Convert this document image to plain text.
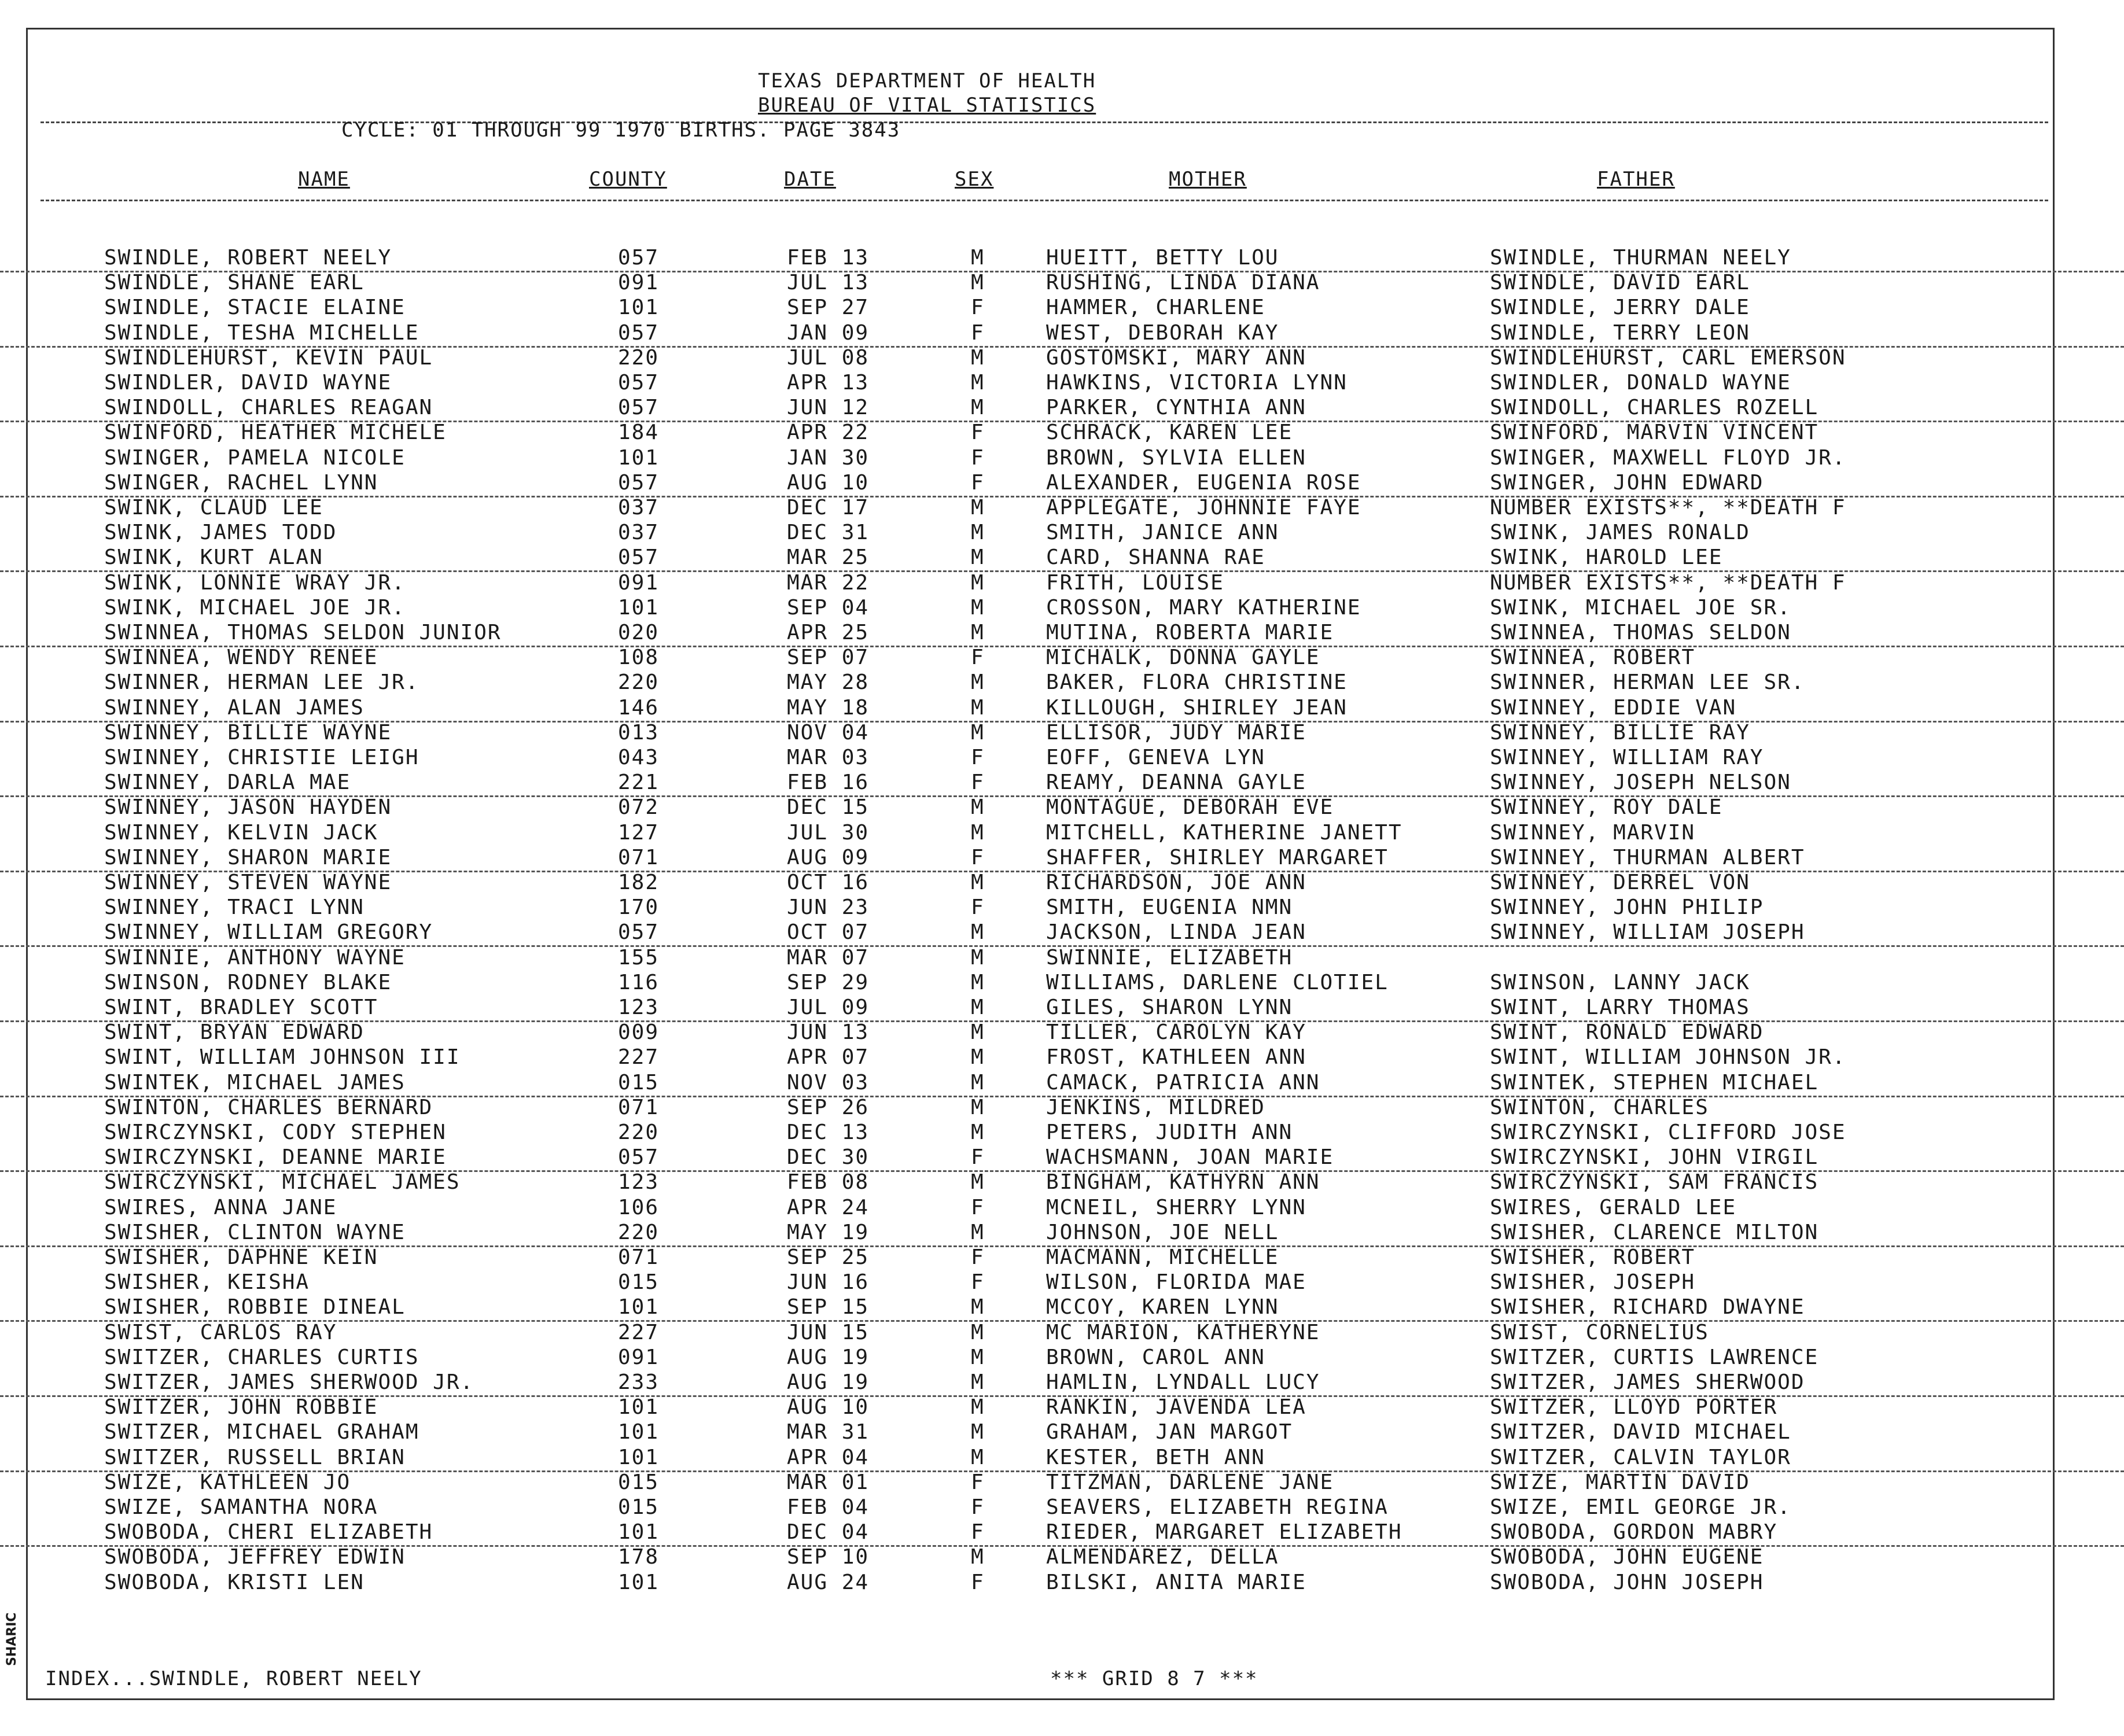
TEXAS DEPARTMENT OF HEALTH
BUREAU OF VITAL STATISTICS
CYCLE: 01 THROUGH 99 1970 BIRTHS. PAGE 3843
NAME	COUNTY	DATE	SEX	MOTHER	FATHER
SWINDLE, ROBERT NEELY	057	FEB 13	M	HUEITT, BETTY LOU	SWINDLE, THURMAN NEELY
SWINDLE, SHANE EARL	091	JUL 13	M	RUSHING, LINDA DIANA	SWINDLE, DAVID EARL
SWINDLE, STACIE ELAINE	101	SEP 27	F	HAMMER, CHARLENE	SWINDLE, JERRY DALE
SWINDLE, TESHA MICHELLE	057	JAN 09	F	WEST, DEBORAH KAY	SWINDLE, TERRY LEON
SWINDLEHURST, KEVIN PAUL	220	JUL 08	M	GOSTOMSKI, MARY ANN	SWINDLEHURST, CARL EMERSON
SWINDLER, DAVID WAYNE	057	APR 13	M	HAWKINS, VICTORIA LYNN	SWINDLER, DONALD WAYNE
SWINDOLL, CHARLES REAGAN	057	JUN 12	M	PARKER, CYNTHIA ANN	SWINDOLL, CHARLES ROZELL
SWINFORD, HEATHER MICHELE	184	APR 22	F	SCHRACK, KAREN LEE	SWINFORD, MARVIN VINCENT
SWINGER, PAMELA NICOLE	101	JAN 30	F	BROWN, SYLVIA ELLEN	SWINGER, MAXWELL FLOYD JR.
SWINGER, RACHEL LYNN	057	AUG 10	F	ALEXANDER, EUGENIA ROSE	SWINGER, JOHN EDWARD
SWINK, CLAUD LEE	037	DEC 17	M	APPLEGATE, JOHNNIE FAYE	NUMBER EXISTS**, **DEATH F
SWINK, JAMES TODD	037	DEC 31	M	SMITH, JANICE ANN	SWINK, JAMES RONALD
SWINK, KURT ALAN	057	MAR 25	M	CARD, SHANNA RAE	SWINK, HAROLD LEE
SWINK, LONNIE WRAY JR.	091	MAR 22	M	FRITH, LOUISE	NUMBER EXISTS**, **DEATH F
SWINK, MICHAEL JOE JR.	101	SEP 04	M	CROSSON, MARY KATHERINE	SWINK, MICHAEL JOE SR.
SWINNEA, THOMAS SELDON JUNIOR	020	APR 25	M	MUTINA, ROBERTA MARIE	SWINNEA, THOMAS SELDON
SWINNEA, WENDY RENEE	108	SEP 07	F	MICHALK, DONNA GAYLE	SWINNEA, ROBERT
SWINNER, HERMAN LEE JR.	220	MAY 28	M	BAKER, FLORA CHRISTINE	SWINNER, HERMAN LEE SR.
SWINNEY, ALAN JAMES	146	MAY 18	M	KILLOUGH, SHIRLEY JEAN	SWINNEY, EDDIE VAN
SWINNEY, BILLIE WAYNE	013	NOV 04	M	ELLISOR, JUDY MARIE	SWINNEY, BILLIE RAY
SWINNEY, CHRISTIE LEIGH	043	MAR 03	F	EOFF, GENEVA LYN	SWINNEY, WILLIAM RAY
SWINNEY, DARLA MAE	221	FEB 16	F	REAMY, DEANNA GAYLE	SWINNEY, JOSEPH NELSON
SWINNEY, JASON HAYDEN	072	DEC 15	M	MONTAGUE, DEBORAH EVE	SWINNEY, ROY DALE
SWINNEY, KELVIN JACK	127	JUL 30	M	MITCHELL, KATHERINE JANETT	SWINNEY, MARVIN
SWINNEY, SHARON MARIE	071	AUG 09	F	SHAFFER, SHIRLEY MARGARET	SWINNEY, THURMAN ALBERT
SWINNEY, STEVEN WAYNE	182	OCT 16	M	RICHARDSON, JOE ANN	SWINNEY, DERREL VON
SWINNEY, TRACI LYNN	170	JUN 23	F	SMITH, EUGENIA NMN	SWINNEY, JOHN PHILIP
SWINNEY, WILLIAM GREGORY	057	OCT 07	M	JACKSON, LINDA JEAN	SWINNEY, WILLIAM JOSEPH
SWINNIE, ANTHONY WAYNE	155	MAR 07	M	SWINNIE, ELIZABETH
SWINSON, RODNEY BLAKE	116	SEP 29	M	WILLIAMS, DARLENE CLOTIEL	SWINSON, LANNY JACK
SWINT, BRADLEY SCOTT	123	JUL 09	M	GILES, SHARON LYNN	SWINT, LARRY THOMAS
SWINT, BRYAN EDWARD	009	JUN 13	M	TILLER, CAROLYN KAY	SWINT, RONALD EDWARD
SWINT, WILLIAM JOHNSON III	227	APR 07	M	FROST, KATHLEEN ANN	SWINT, WILLIAM JOHNSON JR.
SWINTEK, MICHAEL JAMES	015	NOV 03	M	CAMACK, PATRICIA ANN	SWINTEK, STEPHEN MICHAEL
SWINTON, CHARLES BERNARD	071	SEP 26	M	JENKINS, MILDRED	SWINTON, CHARLES
SWIRCZYNSKI, CODY STEPHEN	220	DEC 13	M	PETERS, JUDITH ANN	SWIRCZYNSKI, CLIFFORD JOSE
SWIRCZYNSKI, DEANNE MARIE	057	DEC 30	F	WACHSMANN, JOAN MARIE	SWIRCZYNSKI, JOHN VIRGIL
SWIRCZYNSKI, MICHAEL JAMES	123	FEB 08	M	BINGHAM, KATHYRN ANN	SWIRCZYNSKI, SAM FRANCIS
SWIRES, ANNA JANE	106	APR 24	F	MCNEIL, SHERRY LYNN	SWIRES, GERALD LEE
SWISHER, CLINTON WAYNE	220	MAY 19	M	JOHNSON, JOE NELL	SWISHER, CLARENCE MILTON
SWISHER, DAPHNE KEIN	071	SEP 25	F	MACMANN, MICHELLE	SWISHER, ROBERT
SWISHER, KEISHA	015	JUN 16	F	WILSON, FLORIDA MAE	SWISHER, JOSEPH
SWISHER, ROBBIE DINEAL	101	SEP 15	M	MCCOY, KAREN LYNN	SWISHER, RICHARD DWAYNE
SWIST, CARLOS RAY	227	JUN 15	M	MC MARION, KATHERYNE	SWIST, CORNELIUS
SWITZER, CHARLES CURTIS	091	AUG 19	M	BROWN, CAROL ANN	SWITZER, CURTIS LAWRENCE
SWITZER, JAMES SHERWOOD JR.	233	AUG 19	M	HAMLIN, LYNDALL LUCY	SWITZER, JAMES SHERWOOD
SWITZER, JOHN ROBBIE	101	AUG 10	M	RANKIN, JAVENDA LEA	SWITZER, LLOYD PORTER
SWITZER, MICHAEL GRAHAM	101	MAR 31	M	GRAHAM, JAN MARGOT	SWITZER, DAVID MICHAEL
SWITZER, RUSSELL BRIAN	101	APR 04	M	KESTER, BETH ANN	SWITZER, CALVIN TAYLOR
SWIZE, KATHLEEN JO	015	MAR 01	F	TITZMAN, DARLENE JANE	SWIZE, MARTIN DAVID
SWIZE, SAMANTHA NORA	015	FEB 04	F	SEAVERS, ELIZABETH REGINA	SWIZE, EMIL GEORGE JR.
SWOBODA, CHERI ELIZABETH	101	DEC 04	F	RIEDER, MARGARET ELIZABETH	SWOBODA, GORDON MABRY
SWOBODA, JEFFREY EDWIN	178	SEP 10	M	ALMENDAREZ, DELLA	SWOBODA, JOHN EUGENE
SWOBODA, KRISTI LEN	101	AUG 24	F	BILSKI, ANITA MARIE	SWOBODA, JOHN JOSEPH
SHARIC
INDEX...SWINDLE, ROBERT NEELY	*** GRID 8 7 ***
